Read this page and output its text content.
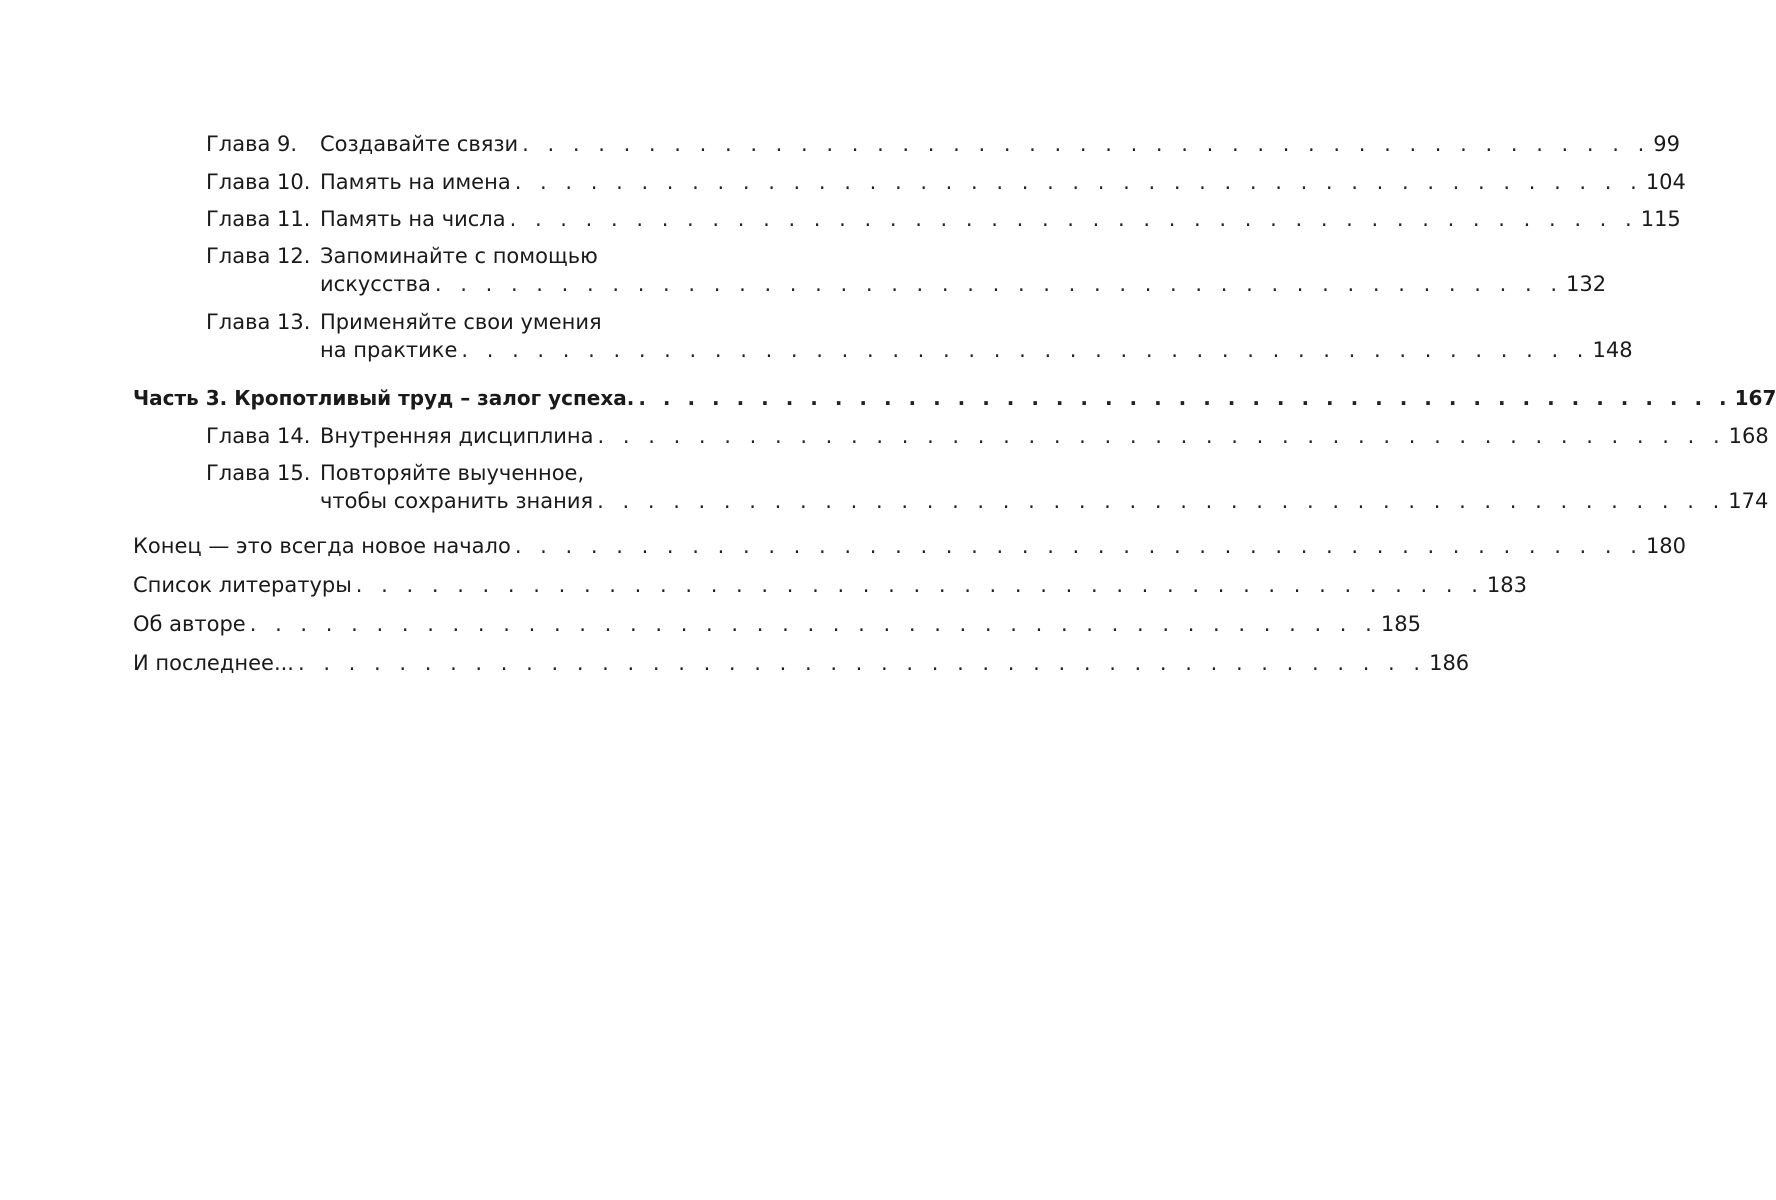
Глава 9.	Создавайте связи . . . . . . . . . . . . . . . . . . . . . . . . . . . . . . . . . . . . . . . . . . . . . 99
Глава 10. Память на имена . . . . . . . . . . . . . . . . . . . . . . . . . . . . . . . . . . . . . . . . . . . . . 104
Глава 11. Память на числа . . . . . . . . . . . . . . . . . . . . . . . . . . . . . . . . . . . . . . . . . . . . . 115
Глава 12. Запоминайте с помощью
искусства . . . . . . . . . . . . . . . . . . . . . . . . . . . . . . . . . . . . . . . . . . . . . 132
Глава 13. Применяйте свои умения
на практике . . . . . . . . . . . . . . . . . . . . . . . . . . . . . . . . . . . . . . . . . . . . . 148
Часть 3. Кропотливый труд – залог успеха. . . . . . . . . . . . . . . . . . . . . . . . . . . . . . . . . . . . . . . . . . . . . . 167
Глава 14. Внутренняя дисциплина . . . . . . . . . . . . . . . . . . . . . . . . . . . . . . . . . . . . . . . . . . . . . 168
Глава 15. Повторяйте выученное,
чтобы сохранить знания . . . . . . . . . . . . . . . . . . . . . . . . . . . . . . . . . . . . . . . . . . . . . 174
Конец — это всегда новое начало . . . . . . . . . . . . . . . . . . . . . . . . . . . . . . . . . . . . . . . . . . . . . 180
Список литературы . . . . . . . . . . . . . . . . . . . . . . . . . . . . . . . . . . . . . . . . . . . . . 183
Об авторе . . . . . . . . . . . . . . . . . . . . . . . . . . . . . . . . . . . . . . . . . . . . . 185
И последнее... . . . . . . . . . . . . . . . . . . . . . . . . . . . . . . . . . . . . . . . . . . . . . 186
